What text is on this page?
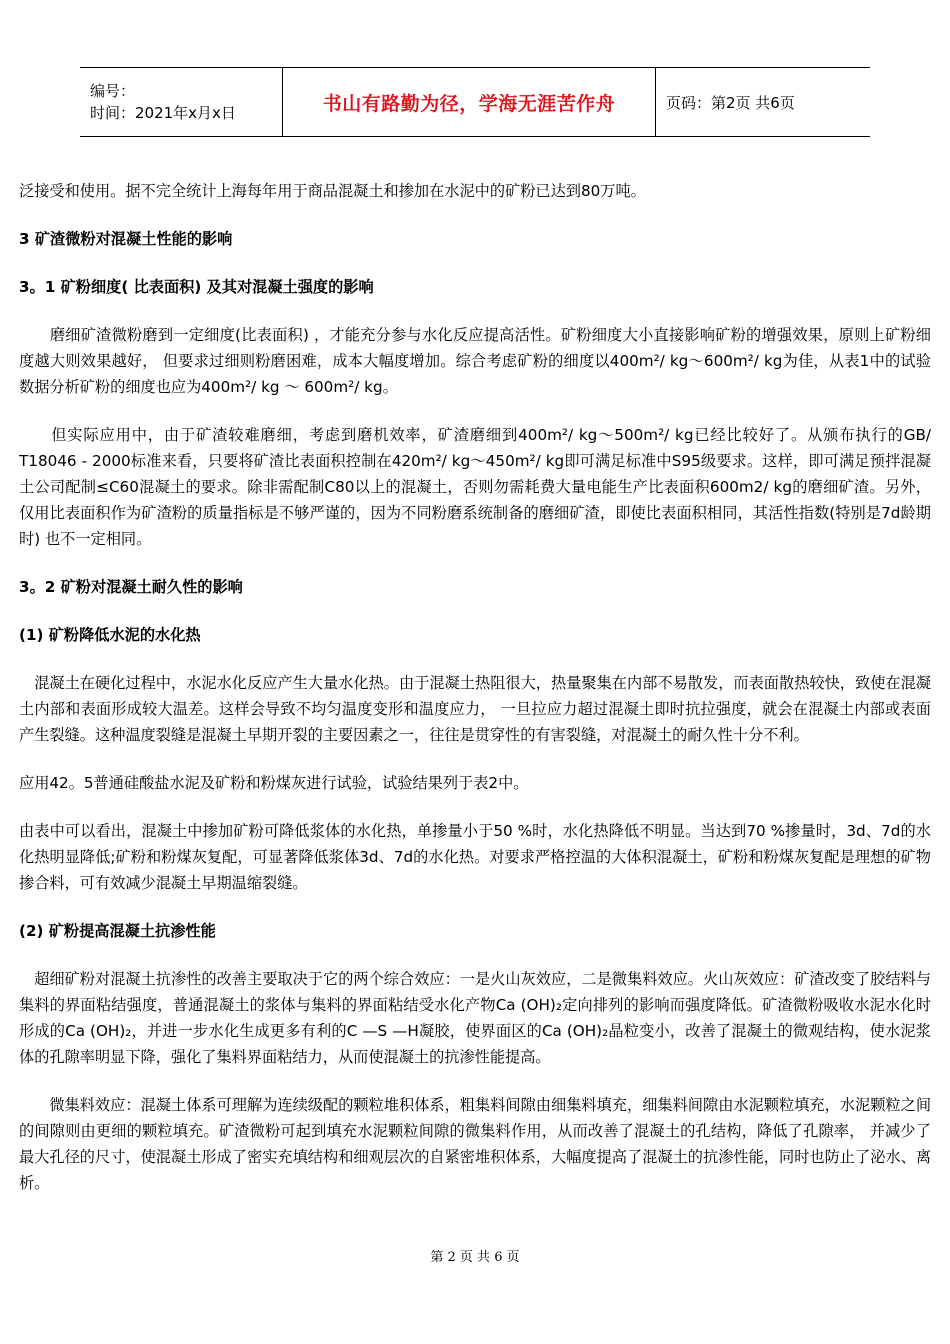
编号：
时间：2021年x月x日	书山有路勤为径，学海无涯苦作舟	页码：第2页 共6页

泛接受和使用。据不完全统计上海每年用于商品混凝土和掺加在水泥中的矿粉已达到80万吨。

3 矿渣微粉对混凝土性能的影响

3。1 矿粉细度( 比表面积) 及其对混凝土强度的影响

　　磨细矿渣微粉磨到一定细度(比表面积) ，才能充分参与水化反应提高活性。矿粉细度大小直接影响矿粉的增强效果，原则上矿粉细度越大则效果越好， 但要求过细则粉磨困难，成本大幅度增加。综合考虑矿粉的细度以400m²/ kg～600m²/ kg为佳，从表1中的试验数据分析矿粉的细度也应为400m²/ kg ～ 600m²/ kg。

　　但实际应用中，由于矿渣较难磨细，考虑到磨机效率，矿渣磨细到400m²/ kg～500m²/ kg已经比较好了。从颁布执行的GB/ T18046 - 2000标准来看，只要将矿渣比表面积控制在420m²/ kg～450m²/ kg即可满足标准中S95级要求。这样，即可满足预拌混凝土公司配制≤C60混凝土的要求。除非需配制C80以上的混凝土，否则勿需耗费大量电能生产比表面积600m2/ kg的磨细矿渣。另外，仅用比表面积作为矿渣粉的质量指标是不够严谨的，因为不同粉磨系统制备的磨细矿渣，即使比表面积相同，其活性指数(特别是7d龄期时) 也不一定相同。

3。2 矿粉对混凝土耐久性的影响

(1) 矿粉降低水泥的水化热

　混凝土在硬化过程中，水泥水化反应产生大量水化热。由于混凝土热阻很大，热量聚集在内部不易散发，而表面散热较快，致使在混凝土内部和表面形成较大温差。这样会导致不均匀温度变形和温度应力， 一旦拉应力超过混凝土即时抗拉强度，就会在混凝土内部或表面产生裂缝。这种温度裂缝是混凝土早期开裂的主要因素之一，往往是贯穿性的有害裂缝，对混凝土的耐久性十分不利。

应用42。5普通硅酸盐水泥及矿粉和粉煤灰进行试验，试验结果列于表2中。

由表中可以看出，混凝土中掺加矿粉可降低浆体的水化热，单掺量小于50 %时，水化热降低不明显。当达到70 %掺量时，3d、7d的水化热明显降低;矿粉和粉煤灰复配，可显著降低浆体3d、7d的水化热。对要求严格控温的大体积混凝土，矿粉和粉煤灰复配是理想的矿物掺合料，可有效减少混凝土早期温缩裂缝。

(2) 矿粉提高混凝土抗渗性能

　超细矿粉对混凝土抗渗性的改善主要取决于它的两个综合效应：一是火山灰效应，二是微集料效应。火山灰效应：矿渣改变了胶结料与集料的界面粘结强度，普通混凝土的浆体与集料的界面粘结受水化产物Ca (OH)₂定向排列的影响而强度降低。矿渣微粉吸收水泥水化时形成的Ca (OH)₂，并进一步水化生成更多有利的C —S —H凝胶，使界面区的Ca (OH)₂晶粒变小，改善了混凝土的微观结构，使水泥浆体的孔隙率明显下降，强化了集料界面粘结力，从而使混凝土的抗渗性能提高。

　　微集料效应：混凝土体系可理解为连续级配的颗粒堆积体系，粗集料间隙由细集料填充，细集料间隙由水泥颗粒填充，水泥颗粒之间的间隙则由更细的颗粒填充。矿渣微粉可起到填充水泥颗粒间隙的微集料作用，从而改善了混凝土的孔结构，降低了孔隙率， 并减少了最大孔径的尺寸，使混凝土形成了密实充填结构和细观层次的自紧密堆积体系，大幅度提高了混凝土的抗渗性能，同时也防止了泌水、离析。

第 2 页 共 6 页
